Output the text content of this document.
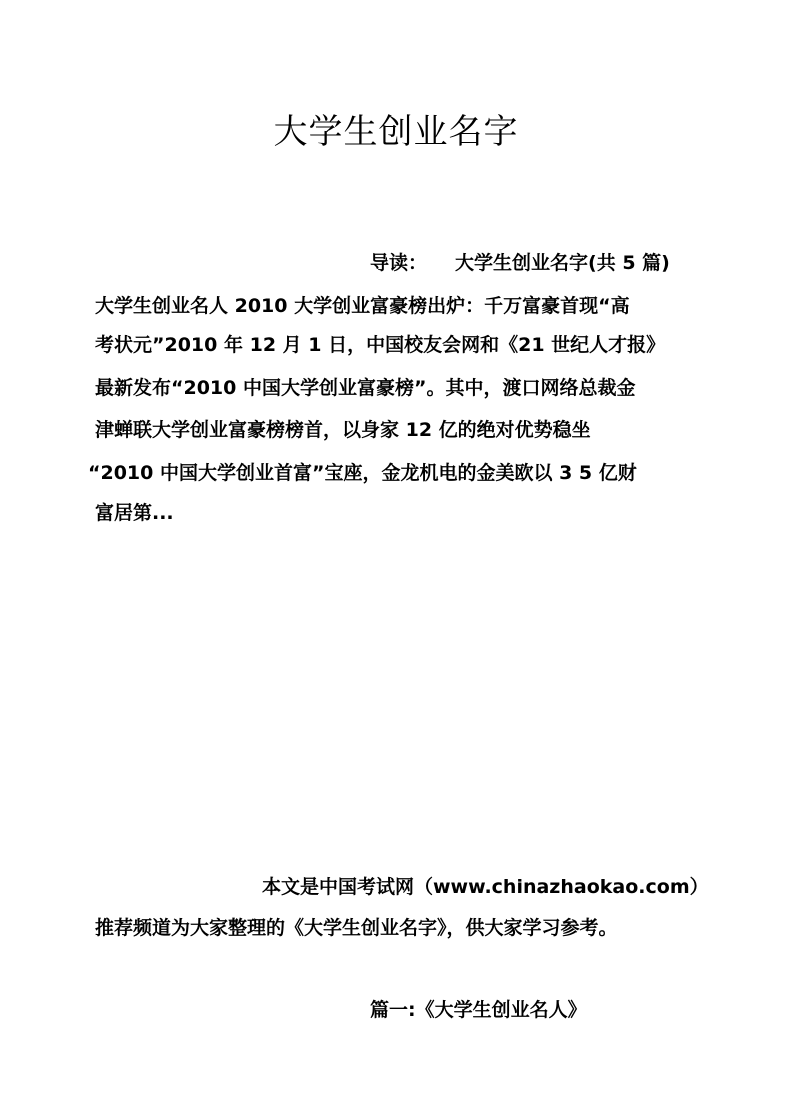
大学生创业名字
导读： 大学生创业名字(共 5 篇)
大学生创业名人 2010 大学创业富豪榜出炉：千万富豪首现“高
考状元”2010 年 12 月 1 日，中国校友会网和《21 世纪人才报》
最新发布“2010 中国大学创业富豪榜”。其中，渡口网络总裁金
津蝉联大学创业富豪榜榜首，以身家 12 亿的绝对优势稳坐
“2010 中国大学创业首富”宝座，金龙机电的金美欧以 3 5 亿财
富居第...
本文是中国考试网（www.chinazhaokao.com）
推荐频道为大家整理的《大学生创业名字》，供大家学习参考。
篇一:《大学生创业名人》
